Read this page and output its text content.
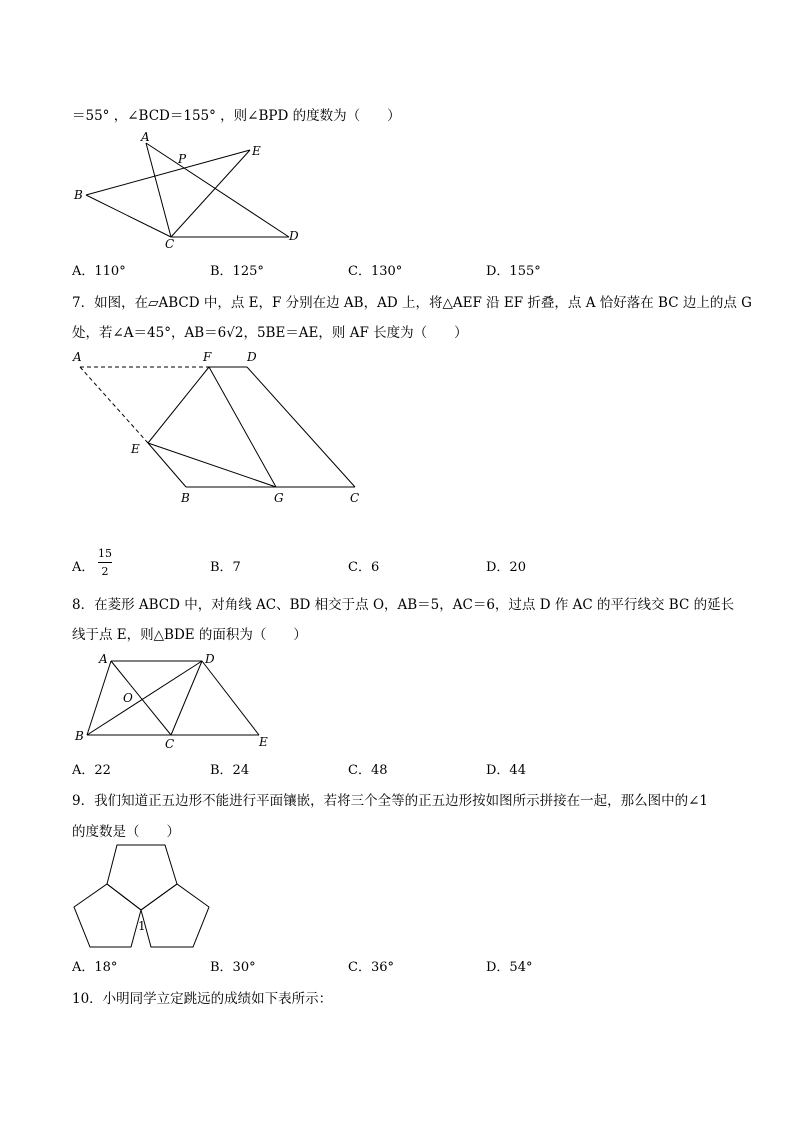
＝55° ，∠BCD＝155° ，则∠BPD 的度数为（　　）
A
P
E
B
C
D
A．110°	B．125°	C．130°	D．155°
7．如图，在▱ABCD 中，点 E，F 分别在边 AB，AD 上，将△AEF 沿 EF 折叠，点 A 恰好落在 BC 边上的点 G
处，若∠A＝45°，AB＝6√2，5BE＝AE，则 AF 长度为（　　）
A	F	D
E
B	G	C
A．
15
2	B．7	C．6	D．20
8．在菱形 ABCD 中，对角线 AC、BD 相交于点 O，AB＝5，AC＝6，过点 D 作 AC 的平行线交 BC 的延长
线于点 E，则△BDE 的面积为（　　）
A	D
O
B
C	E
A．22	B．24	C．48	D．44
9．我们知道正五边形不能进行平面镶嵌，若将三个全等的正五边形按如图所示拼接在一起，那么图中的∠1
的度数是（　　）
1
A．18°	B．30°	C．36°	D．54°
10．小明同学立定跳远的成绩如下表所示：
